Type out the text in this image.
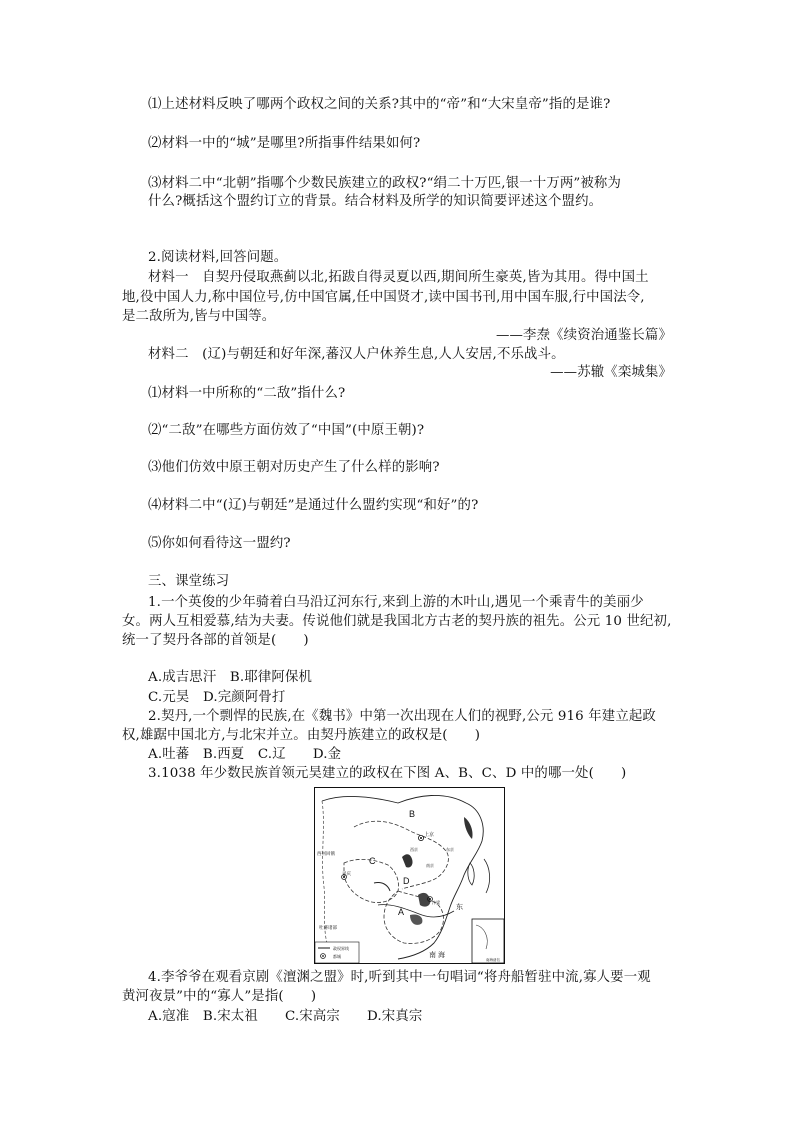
⑴上述材料反映了哪两个政权之间的关系?其中的“帝”和“大宋皇帝”指的是谁?
⑵材料一中的“城”是哪里?所指事件结果如何?
⑶材料二中“北朝”指哪个少数民族建立的政权?“绢二十万匹,银一十万两”被称为
什么?概括这个盟约订立的背景。结合材料及所学的知识简要评述这个盟约。
2.阅读材料,回答问题。
材料一　自契丹侵取燕蓟以北,拓跋自得灵夏以西,期间所生豪英,皆为其用。得中国土
地,役中国人力,称中国位号,仿中国官属,任中国贤才,读中国书刊,用中国车服,行中国法令,
是二敌所为,皆与中国等。
——李焘《续资治通鉴长篇》
材料二　(辽)与朝廷和好年深,蕃汉人户休养生息,人人安居,不乐战斗。
——苏辙《栾城集》
⑴材料一中所称的“二敌”指什么?
⑵“二敌”在哪些方面仿效了“中国”(中原王朝)?
⑶他们仿效中原王朝对历史产生了什么样的影响?
⑷材料二中“(辽)与朝廷”是通过什么盟约实现“和好”的?
⑸你如何看待这一盟约?
三、课堂练习
1.一个英俊的少年骑着白马沿辽河东行,来到上游的木叶山,遇见一个乘青牛的美丽少
女。两人互相爱慕,结为夫妻。传说他们就是我国北方古老的契丹族的祖先。公元 10 世纪初,
统一了契丹各部的首领是(　　)
A.成吉思汗　B.耶律阿保机
C.元昊　D.完颜阿骨打
2.契丹,一个剽悍的民族,在《魏书》中第一次出现在人们的视野,公元 916 年建立起政
权,雄踞中国北方,与北宋并立。由契丹族建立的政权是(　　)
A.吐蕃　B.西夏　C.辽　　D.金
3.1038 年少数民族首领元昊建立的政权在下图 A、B、C、D 中的哪一处(　　)
B
C
D
A
上京
兴庆
西京	东京
南京
汴梁
吐蕃诸部
西州回鹘
东
南 海
政权界线
都城
南海诸岛
4.李爷爷在观看京剧《澶渊之盟》时,听到其中一句唱词“将舟船暂驻中流,寡人要一观
黄河夜景”中的“寡人”是指(　　)
A.寇准　B.宋太祖　　C.宋高宗　　D.宋真宗
